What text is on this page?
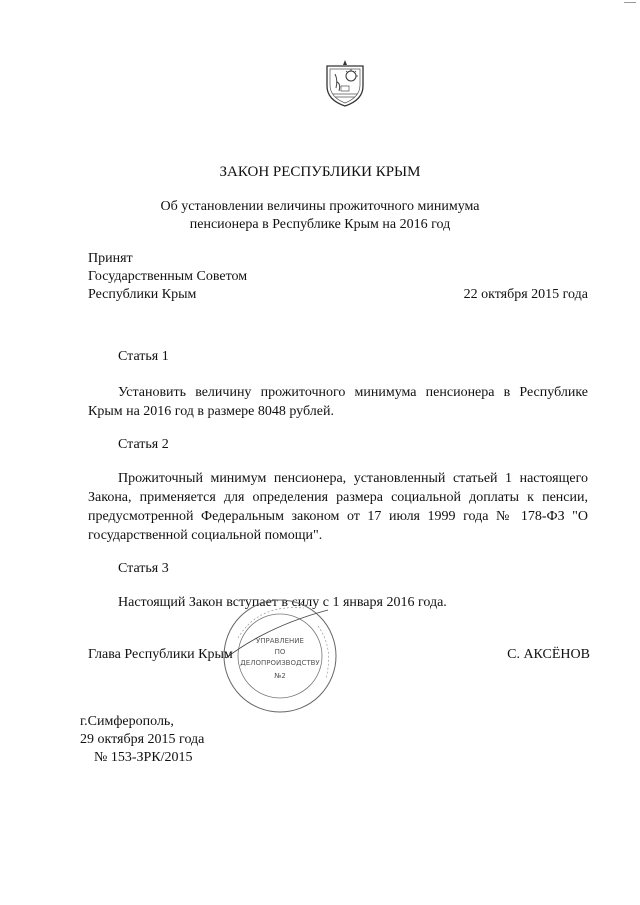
ЗАКОН РЕСПУБЛИКИ КРЫМ
Об установлении величины прожиточного минимума
пенсионера в Республике Крым на 2016 год
Принят
Государственным Советом
Республики Крым	22 октября 2015 года
Статья 1
Установить величину прожиточного минимума пенсионера в Республике Крым на 2016 год в размере 8048 рублей.
Статья 2
Прожиточный минимум пенсионера, установленный статьей 1 настоящего Закона, применяется для определения размера социальной доплаты к пенсии, предусмотренной Федеральным законом от 17 июля 1999 года № 178-ФЗ "О государственной социальной помощи".
Статья 3
Настоящий Закон вступает в силу с 1 января 2016 года.
УПРАВЛЕНИЕ
ПО
ДЕЛОПРОИЗВОДСТВУ
№2
Глава Республики Крым	С. АКСЁНОВ
г.Симферополь,
29 октября 2015 года
№ 153-ЗРК/2015
